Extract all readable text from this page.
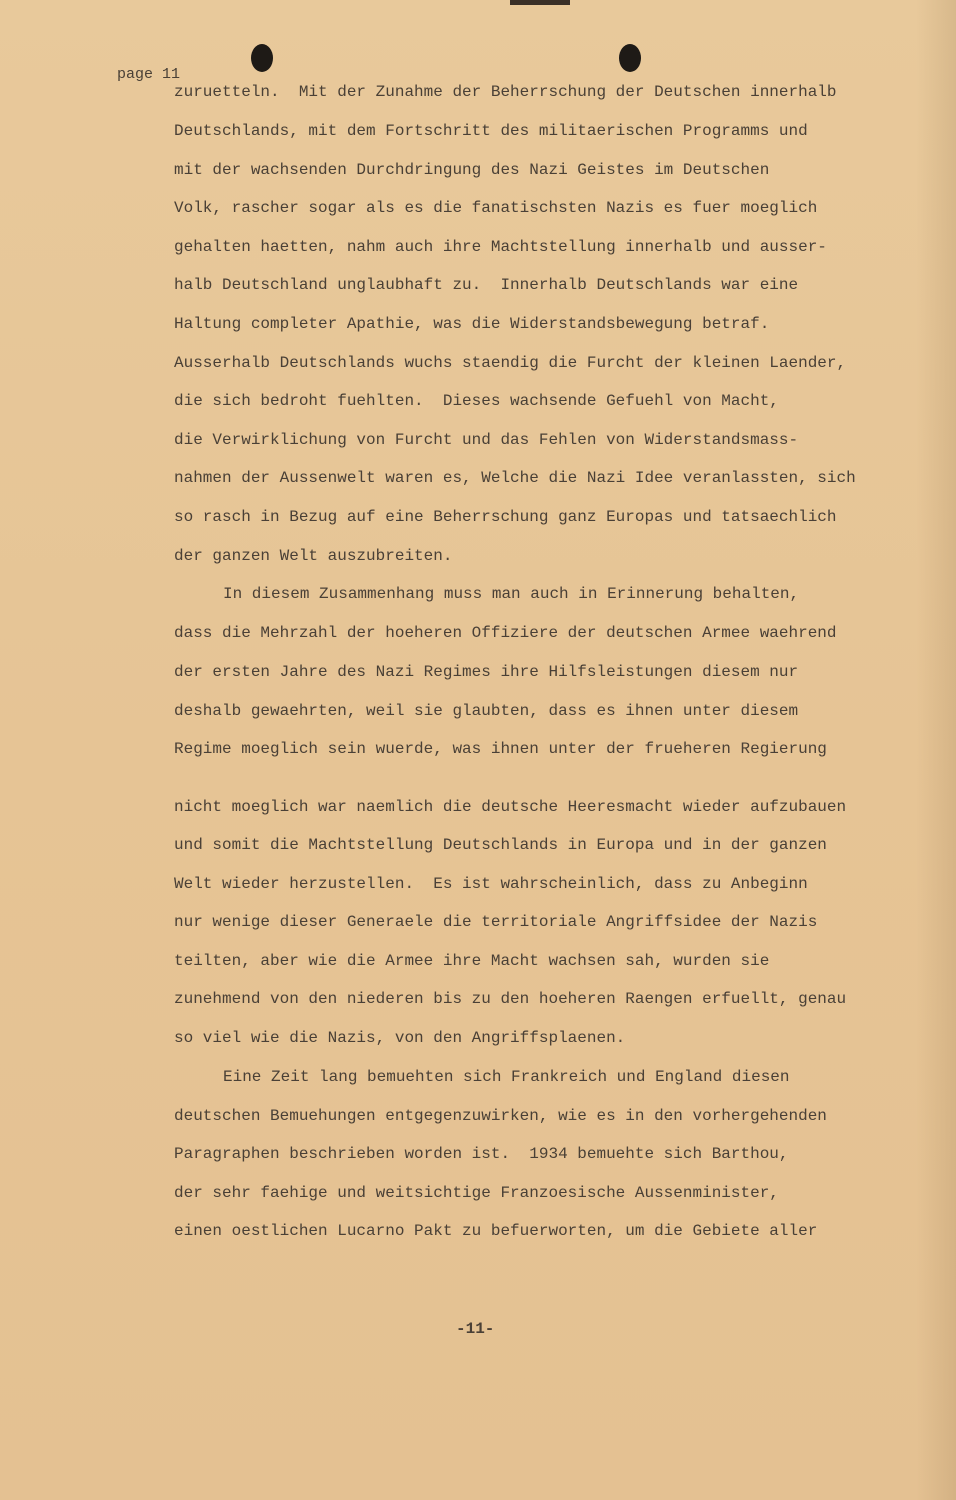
page 11
zuruetteln.  Mit der Zunahme der Beherrschung der Deutschen innerhalb
Deutschlands, mit dem Fortschritt des militaerischen Programms und
mit der wachsenden Durchdringung des Nazi Geistes im Deutschen
Volk, rascher sogar als es die fanatischsten Nazis es fuer moeglich
gehalten haetten, nahm auch ihre Machtstellung innerhalb und ausser-
halb Deutschland unglaubhaft zu.  Innerhalb Deutschlands war eine
Haltung completer Apathie, was die Widerstandsbewegung betraf.
Ausserhalb Deutschlands wuchs staendig die Furcht der kleinen Laender,
die sich bedroht fuehlten.  Dieses wachsende Gefuehl von Macht,
die Verwirklichung von Furcht und das Fehlen von Widerstandsmass-
nahmen der Aussenwelt waren es, Welche die Nazi Idee veranlassten, sich
so rasch in Bezug auf eine Beherrschung ganz Europas und tatsaechlich
der ganzen Welt auszubreiten.
In diesem Zusammenhang muss man auch in Erinnerung behalten,
dass die Mehrzahl der hoeheren Offiziere der deutschen Armee waehrend
der ersten Jahre des Nazi Regimes ihre Hilfsleistungen diesem nur
deshalb gewaehrten, weil sie glaubten, dass es ihnen unter diesem
Regime moeglich sein wuerde, was ihnen unter der frueheren Regierung
nicht moeglich war naemlich die deutsche Heeresmacht wieder aufzubauen
und somit die Machtstellung Deutschlands in Europa und in der ganzen
Welt wieder herzustellen.  Es ist wahrscheinlich, dass zu Anbeginn
nur wenige dieser Generaele die territoriale Angriffsidee der Nazis
teilten, aber wie die Armee ihre Macht wachsen sah, wurden sie
zunehmend von den niederen bis zu den hoeheren Raengen erfuellt, genau
so viel wie die Nazis, von den Angriffsplaenen.
Eine Zeit lang bemuehten sich Frankreich und England diesen
deutschen Bemuehungen entgegenzuwirken, wie es in den vorhergehenden
Paragraphen beschrieben worden ist.  1934 bemuehte sich Barthou,
der sehr faehige und weitsichtige Franzoesische Aussenminister,
einen oestlichen Lucarno Pakt zu befuerworten, um die Gebiete aller
-11-
